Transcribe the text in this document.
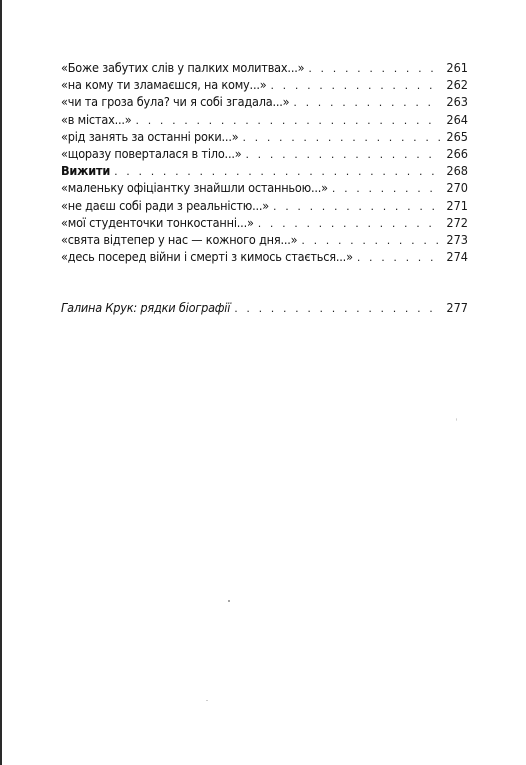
«Боже забутих слів у палких молитвах...» . . .	261
«на кому ти зламаєшся, на кому...» . . .	262
«чи та гроза була? чи я собі згадала...» . . .	263
«в містах...» . . .	264
«рід занять за останні роки...» . . .	265
«щоразу поверталася в тіло...» . . .	266
Вижити . . .	268
«маленьку офіціантку знайшли останньою...» . . .	270
«не даєш собі ради з реальністю...» . . .	271
«мої студенточки тонкостанні...» . . .	272
«свята відтепер у нас — кожного дня...» . . .	273
«десь посеред війни і смерті з кимось стається...» . . .	274
Галина Крук: рядки біографії . . .	277
